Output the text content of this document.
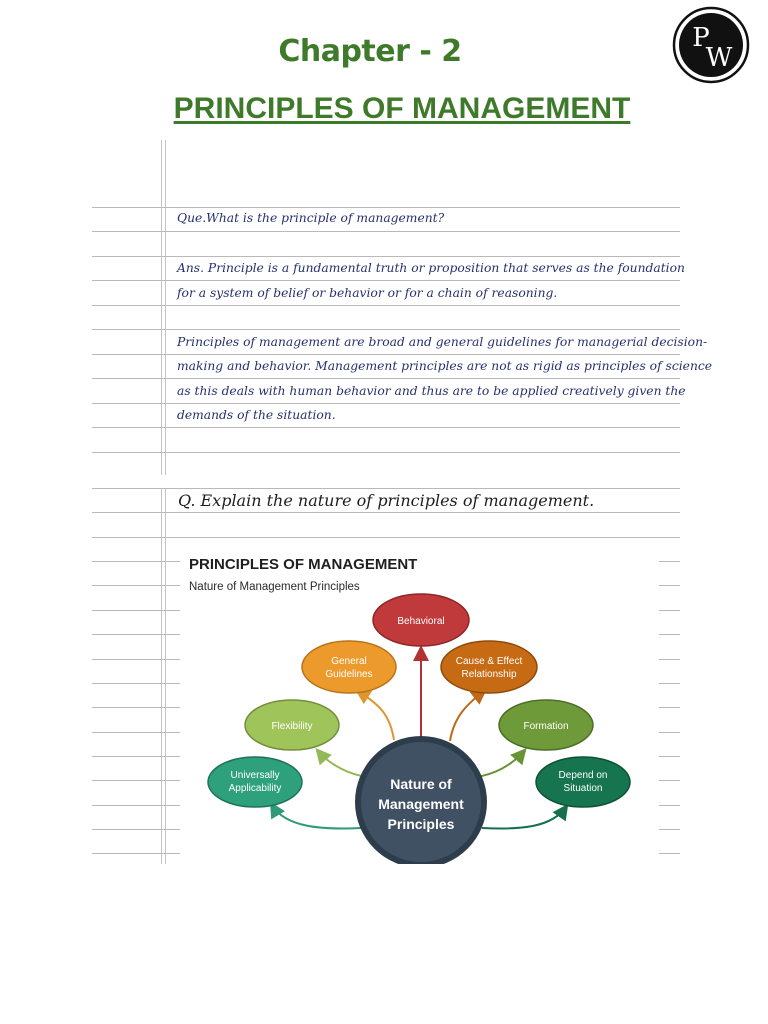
Chapter - 2	P
W
PRINCIPLES OF MANAGEMENT
Que.What is the principle of management?
Ans. Principle is a fundamental truth or proposition that serves as the foundation
for a system of belief or behavior or for a chain of reasoning.
Principles of management are broad and general guidelines for managerial decision-
making and behavior. Management principles are not as rigid as principles of science
as this deals with human behavior and thus are to be applied creatively given the
demands of the situation.
Q. Explain the nature of principles of management.
PRINCIPLES OF MANAGEMENT
Nature of Management Principles
Behavioral
General
Guidelines
Cause & Effect
Relationship
Flexibility	Formation
Universally
Applicability
Depend on
Situation
Nature of
Management
Principles
